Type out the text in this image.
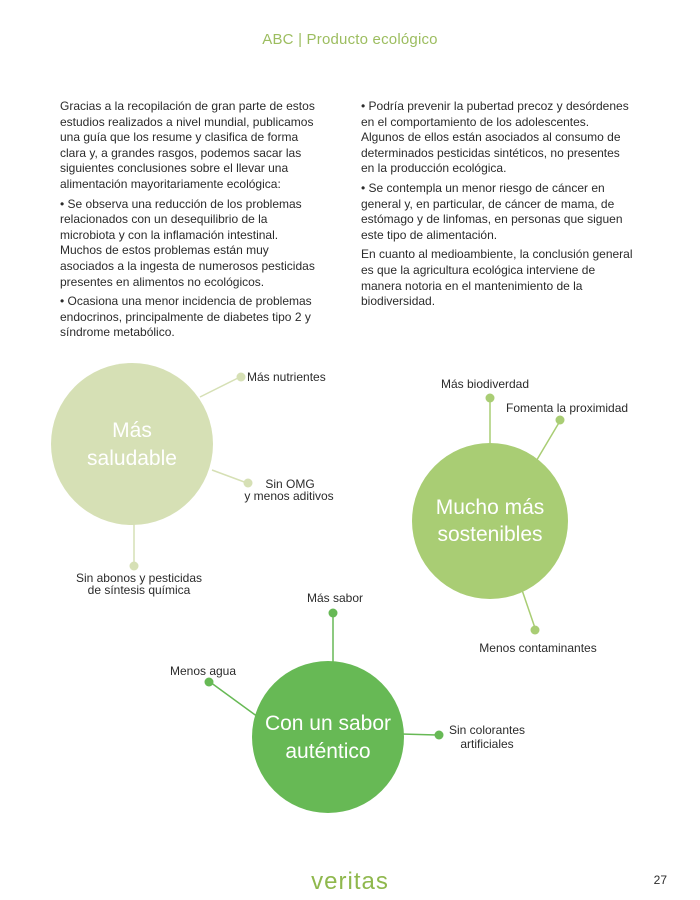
ABC | Producto ecológico

Gracias a la recopilación de gran parte de estos estudios realizados a nivel mundial, publicamos una guía que los resume y clasifica de forma clara y, a grandes rasgos, podemos sacar las siguientes conclusiones sobre el llevar una alimentación mayoritariamente ecológica:

• Se observa una reducción de los problemas relacionados con un desequilibrio de la microbiota y con la inflamación intestinal. Muchos de estos problemas están muy asociados a la ingesta de numerosos pesticidas presentes en alimentos no ecológicos.

• Ocasiona una menor incidencia de problemas endocrinos, principalmente de diabetes tipo 2 y síndrome metabólico.

• Podría prevenir la pubertad precoz y desórdenes en el comportamiento de los adolescentes. Algunos de ellos están asociados al consumo de determinados pesticidas sintéticos, no presentes en la producción ecológica.

• Se contempla un menor riesgo de cáncer en general y, en particular, de cáncer de mama, de estómago y de linfomas, en personas que siguen este tipo de alimentación.

En cuanto al medioambiente, la conclusión general es que la agricultura ecológica interviene de manera notoria en el mantenimiento de la biodiversidad.

Más
saludable
Más nutrientes
Sin OMG
y menos aditivos
Sin abonos y pesticidas
de síntesis química
Mucho más
sostenibles
Más biodiverdad
Fomenta la proximidad
Menos contaminantes
Con un sabor
auténtico
Más sabor
Menos agua
Sin colorantes
artificiales
veritas	27
